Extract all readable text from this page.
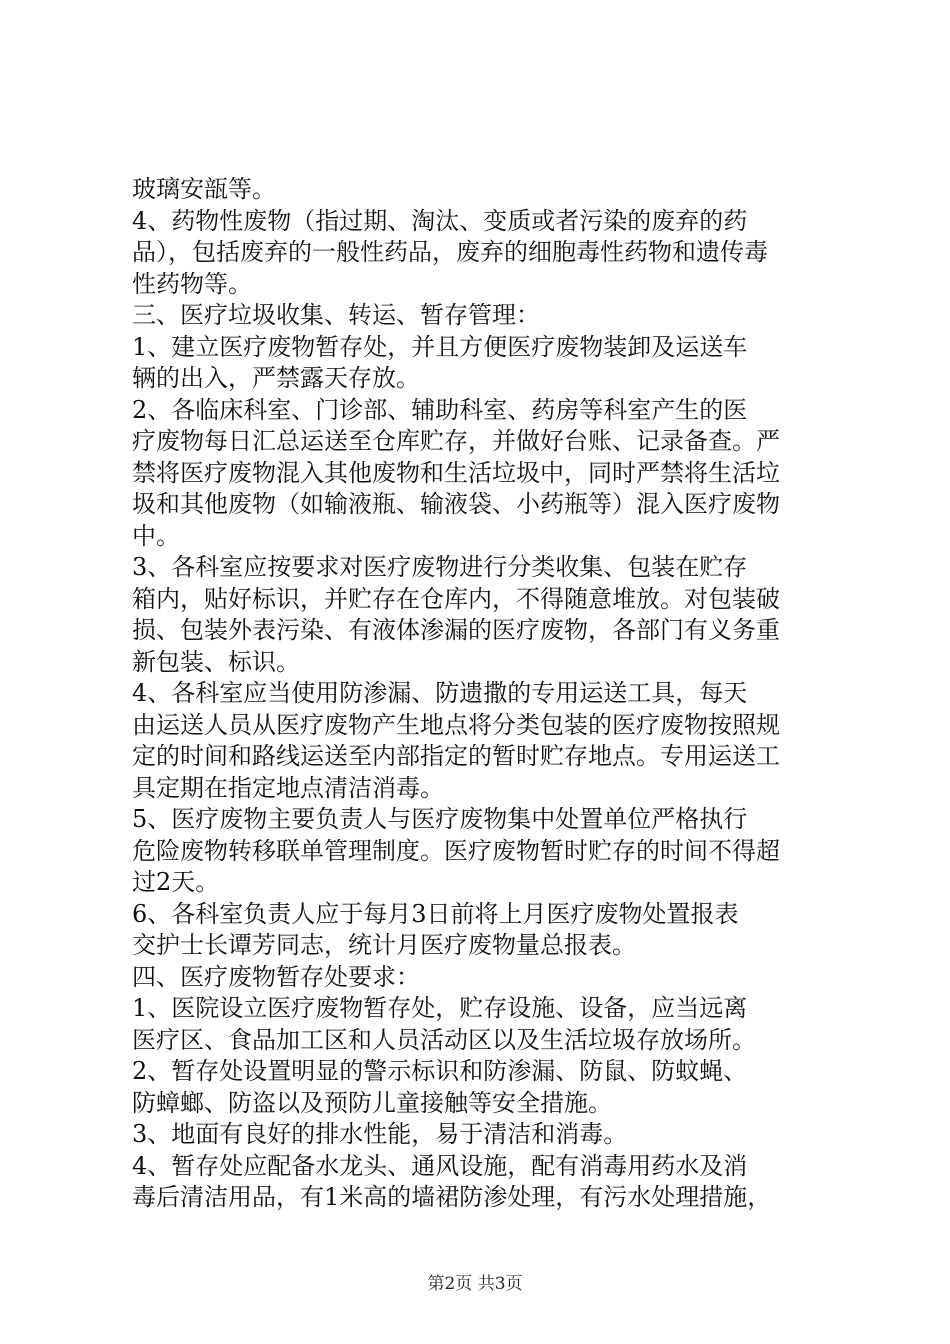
玻璃安瓿等。
4、药物性废物（指过期、淘汰、变质或者污染的废弃的药
品），包括废弃的一般性药品，废弃的细胞毒性药物和遗传毒
性药物等。
三、医疗垃圾收集、转运、暂存管理：
1、建立医疗废物暂存处，并且方便医疗废物装卸及运送车
辆的出入，严禁露天存放。
2、各临床科室、门诊部、辅助科室、药房等科室产生的医
疗废物每日汇总运送至仓库贮存，并做好台账、记录备查。严
禁将医疗废物混入其他废物和生活垃圾中，同时严禁将生活垃
圾和其他废物（如输液瓶、输液袋、小药瓶等）混入医疗废物
中。
3、各科室应按要求对医疗废物进行分类收集、包装在贮存
箱内，贴好标识，并贮存在仓库内，不得随意堆放。对包装破
损、包装外表污染、有液体渗漏的医疗废物，各部门有义务重
新包装、标识。
4、各科室应当使用防渗漏、防遗撒的专用运送工具，每天
由运送人员从医疗废物产生地点将分类包装的医疗废物按照规
定的时间和路线运送至内部指定的暂时贮存地点。专用运送工
具定期在指定地点清洁消毒。
5、医疗废物主要负责人与医疗废物集中处置单位严格执行
危险废物转移联单管理制度。医疗废物暂时贮存的时间不得超
过2天。
6、各科室负责人应于每月3日前将上月医疗废物处置报表
交护士长谭芳同志，统计月医疗废物量总报表。
四、医疗废物暂存处要求：
1、医院设立医疗废物暂存处，贮存设施、设备，应当远离
医疗区、食品加工区和人员活动区以及生活垃圾存放场所。
2、暂存处设置明显的警示标识和防渗漏、防鼠、防蚊蝇、
防蟑螂、防盗以及预防儿童接触等安全措施。
3、地面有良好的排水性能，易于清洁和消毒。
4、暂存处应配备水龙头、通风设施，配有消毒用药水及消
毒后清洁用品，有1米高的墙裙防渗处理，有污水处理措施，
第2页 共3页
